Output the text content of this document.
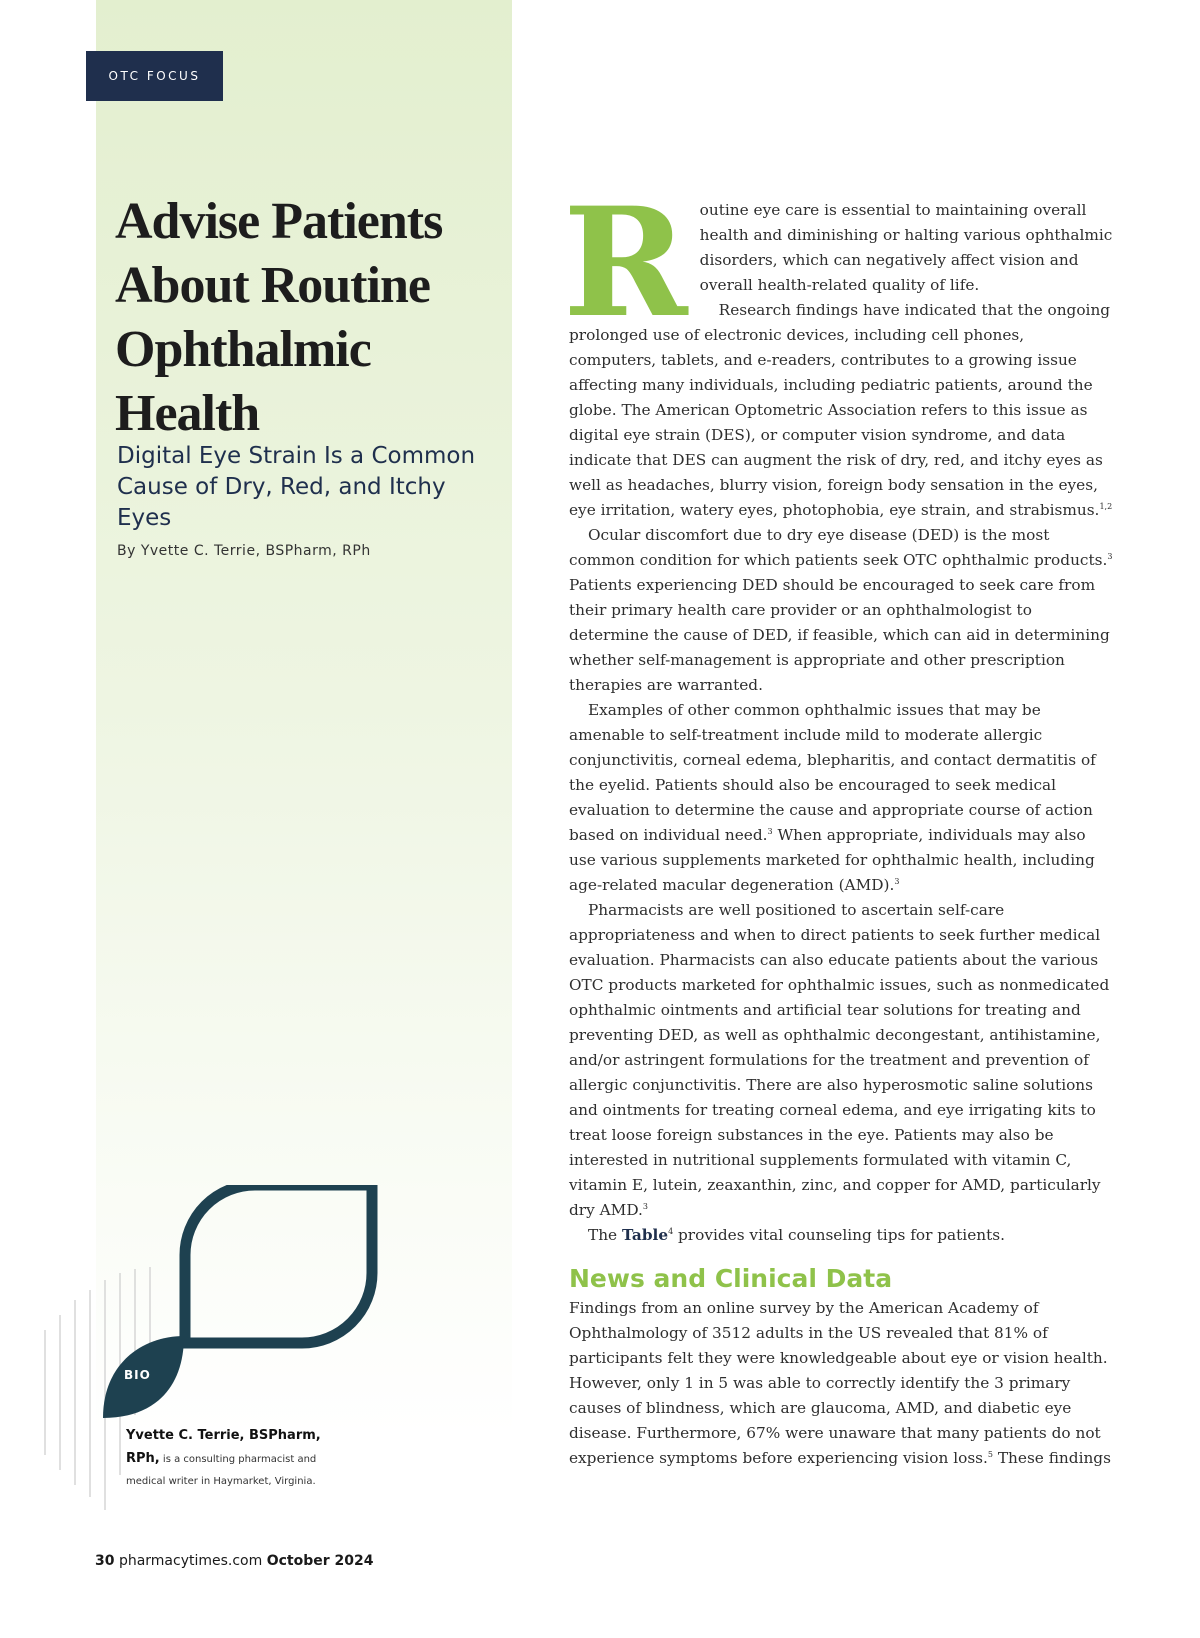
OTC FOCUS
Advise Patients About Routine Ophthalmic Health
Digital Eye Strain Is a Common Cause of Dry, Red, and Itchy Eyes
By Yvette C. Terrie, BSPharm, RPh
BIO

Yvette C. Terrie, BSPharm, RPh, is a consulting pharmacist and medical writer in Haymarket, Virginia.

30 pharmacytimes.com October 2024

Routine eye care is essential to maintaining overall health and diminishing or halting various ophthalmic disorders, which can negatively affect vision and overall health-related quality of life.

Research findings have indicated that the ongoing prolonged use of electronic devices, including cell phones, computers, tablets, and e-readers, contributes to a growing issue affecting many individuals, including pediatric patients, around the globe. The American Optometric Association refers to this issue as digital eye strain (DES), or computer vision syndrome, and data indicate that DES can augment the risk of dry, red, and itchy eyes as well as headaches, blurry vision, foreign body sensation in the eyes, eye irritation, watery eyes, photophobia, eye strain, and strabismus.$^{1,2}$

Ocular discomfort due to dry eye disease (DED) is the most common condition for which patients seek OTC ophthalmic products.$^3$ Patients experiencing DED should be encouraged to seek care from their primary health care provider or an ophthalmologist to determine the cause of DED, if feasible, which can aid in determining whether self-management is appropriate and other prescription therapies are warranted.

Examples of other common ophthalmic issues that may be amenable to self-treatment include mild to moderate allergic conjunctivitis, corneal edema, blepharitis, and contact dermatitis of the eyelid. Patients should also be encouraged to seek medical evaluation to determine the cause and appropriate course of action based on individual need.$^3$ When appropriate, individuals may also use various supplements marketed for ophthalmic health, including age-related macular degeneration (AMD).$^3$

Pharmacists are well positioned to ascertain self-care appropriateness and when to direct patients to seek further medical evaluation. Pharmacists can also educate patients about the various OTC products marketed for ophthalmic issues, such as nonmedicated ophthalmic ointments and artificial tear solutions for treating and preventing DED, as well as ophthalmic decongestant, antihistamine, and/or astringent formulations for the treatment and prevention of allergic conjunctivitis. There are also hyperosmotic saline solutions and ointments for treating corneal edema, and eye irrigating kits to treat loose foreign substances in the eye. Patients may also be interested in nutritional supplements formulated with vitamin C, vitamin E, lutein, zeaxanthin, zinc, and copper for AMD, particularly dry AMD.$^3$

The Table$^4$ provides vital counseling tips for patients.

News and Clinical Data

Findings from an online survey by the American Academy of Ophthalmology of 3512 adults in the US revealed that 81% of participants felt they were knowledgeable about eye or vision health. However, only 1 in 5 was able to correctly identify the 3 primary causes of blindness, which are glaucoma, AMD, and diabetic eye disease. Furthermore, 67% were unaware that many patients do not experience symptoms before experiencing vision loss.$^5$ These findings
